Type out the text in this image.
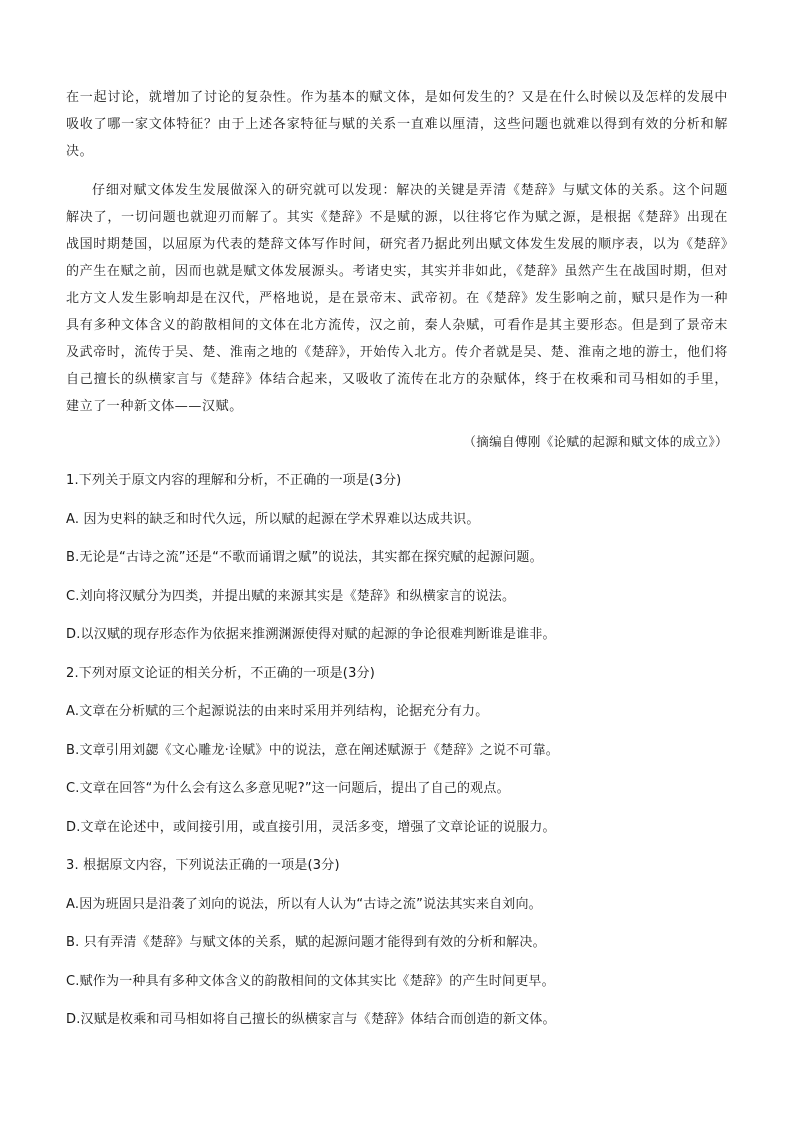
在一起讨论，就增加了讨论的复杂性。作为基本的赋文体，是如何发生的？又是在什么时候以及怎样的发展中吸收了哪一家文体特征？由于上述各家特征与赋的关系一直难以厘清，这些问题也就难以得到有效的分析和解决。

仔细对赋文体发生发展做深入的研究就可以发现：解决的关键是弄清《楚辞》与赋文体的关系。这个问题解决了，一切问题也就迎刃而解了。其实《楚辞》不是赋的源，以往将它作为赋之源，是根据《楚辞》出现在战国时期楚国，以屈原为代表的楚辞文体写作时间，研究者乃据此列出赋文体发生发展的顺序表，以为《楚辞》的产生在赋之前，因而也就是赋文体发展源头。考诸史实，其实并非如此，《楚辞》虽然产生在战国时期，但对北方文人发生影响却是在汉代，严格地说，是在景帝末、武帝初。在《楚辞》发生影响之前，赋只是作为一种具有多种文体含义的韵散相间的文体在北方流传，汉之前，秦人杂赋，可看作是其主要形态。但是到了景帝末及武帝时，流传于吴、楚、淮南之地的《楚辞》，开始传入北方。传介者就是吴、楚、淮南之地的游士，他们将自己擅长的纵横家言与《楚辞》体结合起来，又吸收了流传在北方的杂赋体，终于在枚乘和司马相如的手里，建立了一种新文体——汉赋。

（摘编自傅刚《论赋的起源和赋文体的成立》）
1.下列关于原文内容的理解和分析，不正确的一项是(3分)
A. 因为史料的缺乏和时代久远，所以赋的起源在学术界难以达成共识。
B.无论是“古诗之流”还是“不歌而诵谓之赋”的说法，其实都在探究赋的起源问题。
C.刘向将汉赋分为四类，并提出赋的来源其实是《楚辞》和纵横家言的说法。
D.以汉赋的现存形态作为依据来推溯渊源使得对赋的起源的争论很难判断谁是谁非。
2.下列对原文论证的相关分析，不正确的一项是(3分)
A.文章在分析赋的三个起源说法的由来时采用并列结构，论据充分有力。
B.文章引用刘勰《文心雕龙·诠赋》中的说法，意在阐述赋源于《楚辞》之说不可靠。
C.文章在回答“为什么会有这么多意见呢?”这一问题后，提出了自己的观点。
D.文章在论述中，或间接引用，或直接引用，灵活多变，增强了文章论证的说服力。
3. 根据原文内容，下列说法正确的一项是(3分)
A.因为班固只是沿袭了刘向的说法，所以有人认为“古诗之流”说法其实来自刘向。
B. 只有弄清《楚辞》与赋文体的关系，赋的起源问题才能得到有效的分析和解决。
C.赋作为一种具有多种文体含义的韵散相间的文体其实比《楚辞》的产生时间更早。
D.汉赋是枚乘和司马相如将自己擅长的纵横家言与《楚辞》体结合而创造的新文体。
